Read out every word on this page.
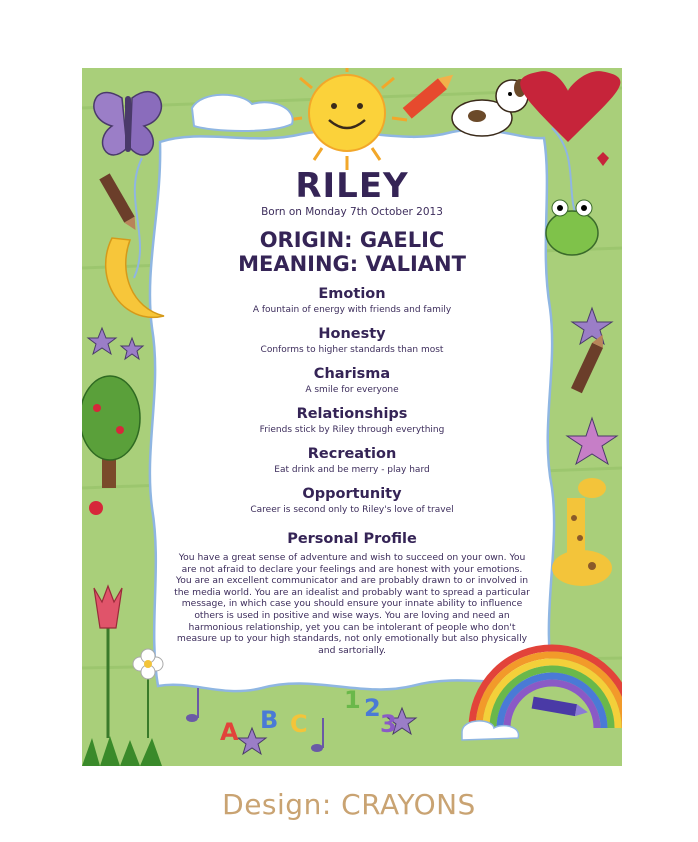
A B C
1 2
3
RILEY
Born on Monday 7th October 2013
ORIGIN: GAELIC
MEANING: VALIANT
Emotion
A fountain of energy with friends and family
Honesty
Conforms to higher standards than most
Charisma
A smile for everyone
Relationships
Friends stick by Riley through everything
Recreation
Eat drink and be merry - play hard
Opportunity
Career is second only to Riley's love of travel
Personal Profile
You have a great sense of adventure and wish to succeed on your own. You are not afraid to declare your feelings and are honest with your emotions. You are an excellent communicator and are probably drawn to or involved in the media world. You are an idealist and probably want to spread a particular message, in which case you should ensure your innate ability to influence others is used in positive and wise ways. You are loving and need an harmonious relationship, yet you can be intolerant of people who don't measure up to your high standards, not only emotionally but also physically and sartorially.
Design: CRAYONS
